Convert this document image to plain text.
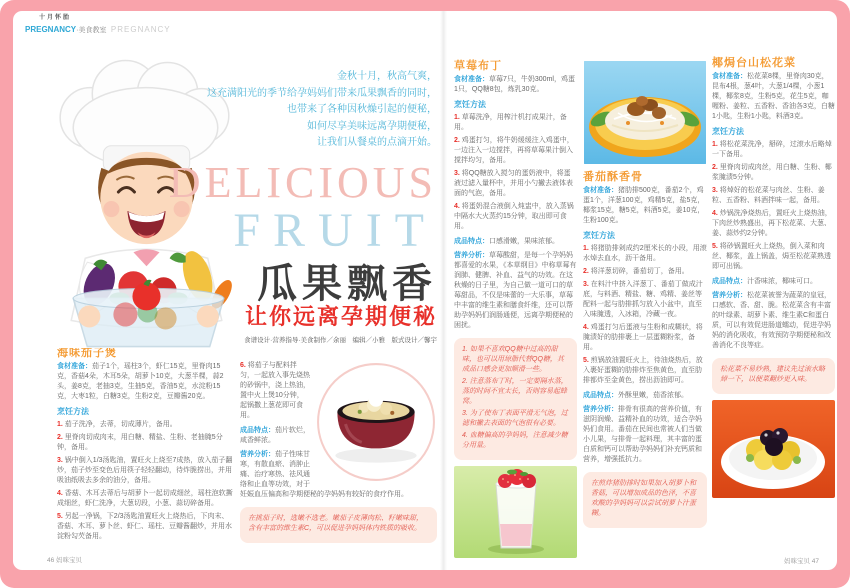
十月怀胎
PREGNANCY·美食教室 PREGNANCY
金秋十月，秋高气爽，
这充满阳光的季节给孕妈妈们带来瓜果飘香的同时，
也带来了各种因秋燥引起的便秘，
如何尽享美味远离孕期便秘，
让我们从餐桌的点滴开始。
DELICIOUS
FRUIT
瓜果飘香
让你远离孕期便秘
食谱设计·营养指导·美食制作／余丽　编辑／小雅　版式设计／馨宇
海味茄子煲

食材准备：茄子1个，瑶柱3个，虾仁15克，里脊肉15克，香菇4朵，木耳5朵，胡萝卜10克，大葱半棵，蒜2头，姜8克，老抽3克，生抽5克，香油5克，水淀粉15克，大枣1粒，白糖3克，生粉2克，豆瓣酱20克。

烹饪方法

1. 茄子洗净，去蒂，切成薄片，备用。

2. 里脊肉切成肉末，用白糖、精盐、生粉、老抽腌5分钟，备用。

3. 锅中倒入1/3汤匙油，置旺火上烧至7成热，放入茄子翻炒，茄子炒至变色后用筷子轻轻翻动，待炸脆捞出，并用吸油纸吸去多余的油分，备用。

4. 香菇、木耳去蒂后与胡萝卜一起切成细丝，瑶柱泡软撕成细丝，虾仁洗净，大葱切段，小葱、蒜切碎备用。

5. 另起一净锅，下2/3汤匙油置旺火上烧热后，下肉末、香菇、木耳、萝卜丝、虾仁、瑶柱、豆瓣酱翻炒，并用水淀粉勾芡备用。

6. 将茄子与配料拌匀，一起放入事先烧热的砂锅中，浇上热油，置中火上煲10分钟，起锅撒上葱花即可食用。

成品特点：茄片软烂，咸香鲜浓。

营养分析：茄子性味甘寒，有散血瘀、消肿止痛、治疗寒热、祛风通络和止血等功效，对于妊娠血压偏高和孕期便秘的孕妈妈有较好的食疗作用。

在挑茄子时，选嫩不选老。嫩茄子皮薄肉松、籽嫩味甜，含有丰富的维生素C，可以促进孕妈妈体内铁质的吸收。

草莓布丁

食材准备：草莓7只，牛奶300ml，鸡蛋1只，QQ糖8包，炼乳30克。

烹饪方法

1. 草莓洗净，用榨汁机打成果汁，备用。

2. 鸡蛋打匀，将牛奶缓缓注入鸡蛋中，一边注入一边搅拌，再将草莓果汁倒入搅拌均匀，备用。

3. 将QQ糖放入搅匀的蛋奶液中，将蛋液过滤入量杯中，并用小勺撇去液体表面的气泡，备用。

4. 将蛋奶混合液倒入炖盅中，放入蒸锅中隔水大火蒸约15分钟，取出即可食用。

成品特点：口感滑嫩，果味浓郁。

营养分析：草莓酸甜，是每一个孕妈妈都喜爱的水果，《本草纲目》中称草莓有润肺、健脾、补血、益气的功效。在这秋燥的日子里，为自己做一道可口的草莓甜品，不仅是味蕾的一大乐事，草莓中丰富的维生素和膳食纤维，还可以帮助孕妈妈们润肠通便，远离孕期便秘的困扰。

1. 如果不喜欢QQ糖中过高的甜味，也可以用琼脂代替QQ糖，其成品口感会更加顺滑一些。

2. 注意蒸布丁时，一定要隔水蒸，蒸的时间不宜太长，否则容易起蜂窝。

3. 为了使布丁表面平滑无气泡，过滤和撇去表面的气泡很有必要。

4. 血糖偏高的孕妈妈，注意减少糖分用量。

番茄酥香骨

食材准备：猪肋排500克，番茄2个，鸡蛋1个，洋葱100克，鸡精5克，盐5克，椰浆15克，糖5克，料酒5克，姜10克，生粉100克。

烹饪方法

1. 将猪肋排剁成约2厘米长的小段，用滚水焯去血水，沥干备用。

2. 将洋葱切碎，番茄切丁，备用。

3. 在料汁中挤入洋葱丁、番茄丁做成汁底，与料酒、精盐、糖、鸡精、姜丝等配料一起与肋排抓匀放入小盆中，直至入味腌透，入冰箱，冷藏一夜。

4. 鸡蛋打匀后蛋液与生粉和成糊状，将腌渍好的肋排裹上一层蛋糊粉浆，备用。

5. 煎锅放油置旺火上，待油烧热后，放入裹好蛋糊的肋排炸至焦黄色，直至肋排都炸至金黄色，捞出沥油即可。

成品特点：外酥里嫩，茄香浓郁。

营养分析：排骨有很高的营养价值，有滋阴润燥、益精补血的功效，适合孕妈妈们食用。番茄在民间也常被人们当做小儿果，与排骨一起料理，其丰富的蛋白质和钙可以帮助孕妈妈们补充钙质和营养，增强抵抗力。

在煎炸猪肋排时如果加入胡萝卜和香菇，可以增加成品的色泽，不喜欢酸的孕妈妈可以尝试胡萝卜汁蛋糊。

椰焗台山松花菜

食材准备：松花菜8棵，里脊肉30克，昆布4根，葱4叶，大葱1/4棵，小葱1棵，椰浆8克，生粉5克，花生5克，咖喱粉、姜粒、五香粉、香油各3克，白糖1小匙，生粉1小匙，料酒3克。

烹饪方法

1. 将松花菜洗净，掰碎，过滚水后略焯一下备用。

2. 里脊肉切成肉丝，用白糖、生粉、椰浆腌渍5分钟。

3. 将焯好的松花菜与肉丝、生粉、姜粒、五香粉、料酒拌味一起，备用。

4. 炒锅洗净烧热后，置旺火上烧热油，下肉丝炒熟盛出，再下松花菜、大葱、姜、蒜炒约2分钟。

5. 将砂锅置旺火上烧热，倒入菜和肉丝、椰浆，盖上锅盖，焗至松花菜熟透即可出锅。

成品特点：汁香味浓，椰味可口。

营养分析：松花菜被誉为蔬菜的皇冠，口感软、香、甜、脆。松花菜含有丰富的叶绿素、胡萝卜素、维生素C和蛋白质，可以有效促进肠道蠕动，促进孕妈妈的消化吸收，有效预防孕期便秘和改善消化不良等症。

松花菜不易炒熟，建议先过滚水略焯一下，以便菜翻炒更入味。

46 妈咪宝贝	妈咪宝贝 47
